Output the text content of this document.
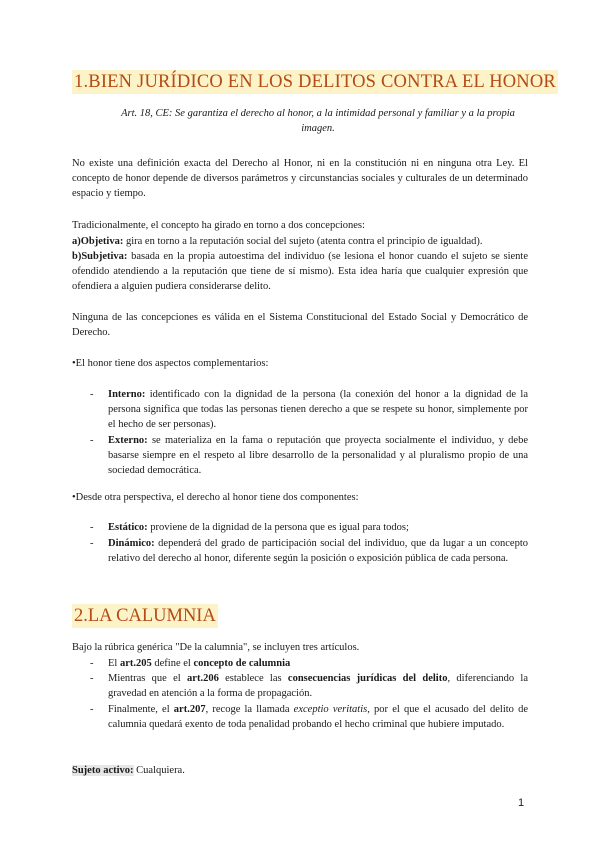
1.BIEN JURÍDICO EN LOS DELITOS CONTRA EL HONOR

Art. 18, CE: Se garantiza el derecho al honor, a la intimidad personal y familiar y a la propia imagen.

No existe una definición exacta del Derecho al Honor, ni en la constitución ni en ninguna otra Ley. El concepto de honor depende de diversos parámetros y circunstancias sociales y culturales de un determinado espacio y tiempo.

Tradicionalmente, el concepto ha girado en torno a dos concepciones:

a)Objetiva: gira en torno a la reputación social del sujeto (atenta contra el principio de igualdad).

b)Subjetiva: basada en la propia autoestima del individuo (se lesiona el honor cuando el sujeto se siente ofendido atendiendo a la reputación que tiene de sí mismo). Esta idea haría que cualquier expresión que ofendiera a alguien pudiera considerarse delito.

Ninguna de las concepciones es válida en el Sistema Constitucional del Estado Social y Democrático de Derecho.

•El honor tiene dos aspectos complementarios:

- Interno: identificado con la dignidad de la persona (la conexión del honor a la dignidad de la persona significa que todas las personas tienen derecho a que se respete su honor, simplemente por el hecho de ser personas).

- Externo: se materializa en la fama o reputación que proyecta socialmente el individuo, y debe basarse siempre en el respeto al libre desarrollo de la personalidad y al pluralismo propio de una sociedad democrática.

•Desde otra perspectiva, el derecho al honor tiene dos componentes:

- Estático: proviene de la dignidad de la persona que es igual para todos;

- Dinámico: dependerá del grado de participación social del individuo, que da lugar a un concepto relativo del derecho al honor, diferente según la posición o exposición pública de cada persona.

2.LA CALUMNIA

Bajo la rúbrica genérica "De la calumnia", se incluyen tres artículos.

- El art.205 define el concepto de calumnia

- Mientras que el art.206 establece las consecuencias jurídicas del delito, diferenciando la gravedad en atención a la forma de propagación.

- Finalmente, el art.207, recoge la llamada exceptio veritatis, por el que el acusado del delito de calumnia quedará exento de toda penalidad probando el hecho criminal que hubiere imputado.

Sujeto activo: Cualquiera.

1
